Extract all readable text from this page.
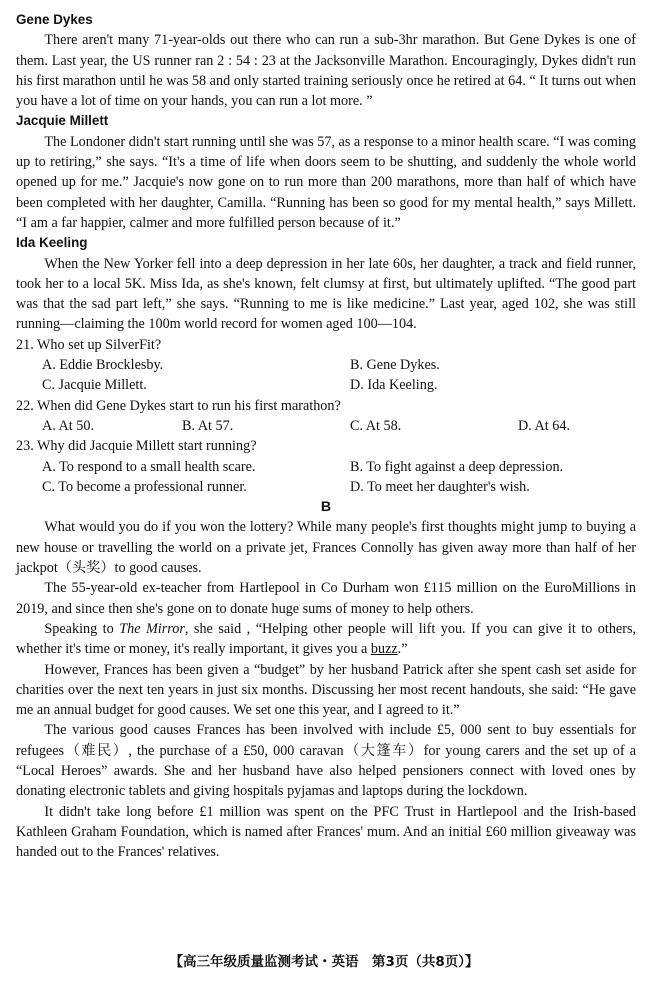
Gene Dykes
There aren't many 71-year-olds out there who can run a sub-3hr marathon. But Gene Dykes is one of them. Last year, the US runner ran 2 : 54 : 23 at the Jacksonville Marathon. Encouragingly, Dykes didn't run his first marathon until he was 58 and only started training seriously once he retired at 64. “ It turns out when you have a lot of time on your hands, you can run a lot more. ”
Jacquie Millett
The Londoner didn't start running until she was 57, as a response to a minor health scare. “I was coming up to retiring,” she says. “It's a time of life when doors seem to be shutting, and suddenly the whole world opened up for me.” Jacquie's now gone on to run more than 200 marathons, more than half of which have been completed with her daughter, Camilla. “Running has been so good for my mental health,” says Millett. “I am a far happier, calmer and more fulfilled person because of it.”
Ida Keeling
When the New Yorker fell into a deep depression in her late 60s, her daughter, a track and field runner, took her to a local 5K. Miss Ida, as she's known, felt clumsy at first, but ultimately uplifted. “The good part was that the sad part left,” she says. “Running to me is like medicine.” Last year, aged 102, she was still running—claiming the 100m world record for women aged 100—104.
21. Who set up SilverFit?
A. Eddie Brocklesby.	B. Gene Dykes.
C. Jacquie Millett.	D. Ida Keeling.
22. When did Gene Dykes start to run his first marathon?
A. At 50.	B. At 57.	C. At 58.	D. At 64.
23. Why did Jacquie Millett start running?
A. To respond to a small health scare.	B. To fight against a deep depression.
C. To become a professional runner.	D. To meet her daughter's wish.
B
What would you do if you won the lottery? While many people's first thoughts might jump to buying a new house or travelling the world on a private jet, Frances Connolly has given away more than half of her jackpot（头奖）to good causes.
The 55-year-old ex-teacher from Hartlepool in Co Durham won £115 million on the EuroMillions in 2019, and since then she's gone on to donate huge sums of money to help others.
Speaking to The Mirror, she said , “Helping other people will lift you. If you can give it to others, whether it's time or money, it's really important, it gives you a buzz.”
However, Frances has been given a “budget” by her husband Patrick after she spent cash set aside for charities over the next ten years in just six months. Discussing her most recent handouts, she said: “He gave me an annual budget for good causes. We set one this year, and I agreed to it.”
The various good causes Frances has been involved with include £5, 000 sent to buy essentials for refugees（难民）, the purchase of a £50, 000 caravan（大篷车）for young carers and the set up of a “Local Heroes” awards. She and her husband have also helped pensioners connect with loved ones by donating electronic tablets and giving hospitals pyjamas and laptops during the lockdown.
It didn't take long before £1 million was spent on the PFC Trust in Hartlepool and the Irish-based Kathleen Graham Foundation, which is named after Frances' mum. And an initial £60 million giveaway was handed out to the Frances' relatives.
【高三年级质量监测考试・英语　第3页（共8页）】
